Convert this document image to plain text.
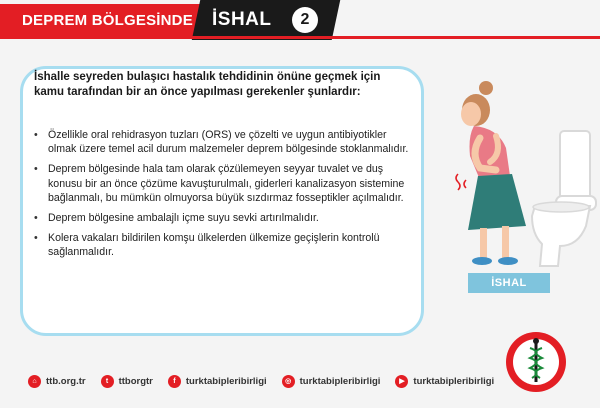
DEPREM BÖLGESİNDE İSHAL	2
İshalle seyreden bulaşıcı hastalık tehdidinin önüne geçmek için kamu tarafından bir an önce yapılması gerekenler şunlardır:
• Özellikle oral rehidrasyon tuzları (ORS) ve çözelti ve uygun antibiyotikler olmak üzere temel acil durum malzemeler deprem bölgesinde stoklanmalıdır.
• Deprem bölgesinde hala tam olarak çözülemeyen seyyar tuvalet ve duş konusu bir an önce çözüme kavuşturulmalı, giderleri kanalizasyon sistemine bağlanmalı, bu mümkün olmuyorsa büyük sızdırmaz fosseptikler açılmalıdır.
• Deprem bölgesine ambalajlı içme suyu sevki artırılmalıdır.
• Kolera vakaları bildirilen komşu ülkelerden ülkemize geçişlerin kontrolü sağlanmalıdır.
İSHAL
⌂ ttb.org.tr	t	ttborgtr	f	turktabipleribirligi	◎ turktabipleribirligi	▶ turktabipleribirligi
